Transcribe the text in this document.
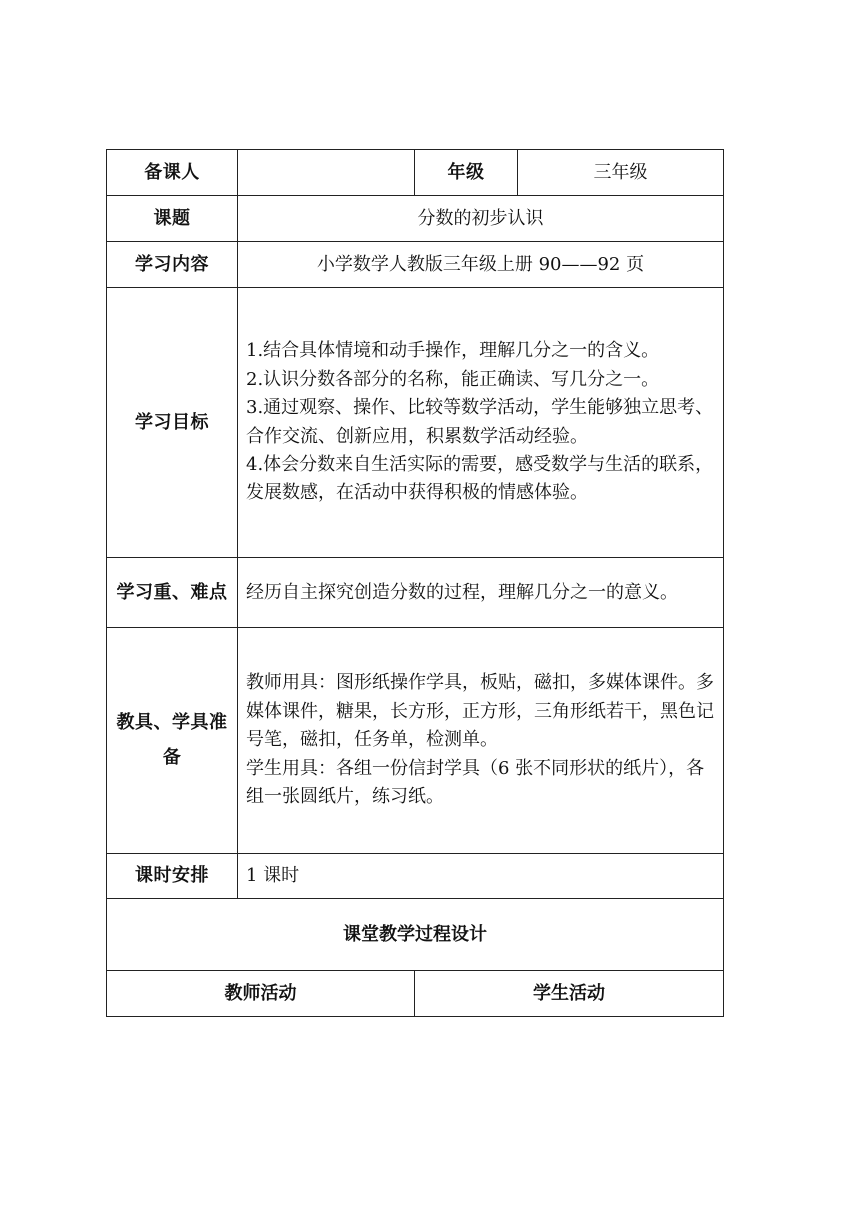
备课人		年级	三年级
课题	分数的初步认识		
学习内容	小学数学人教版三年级上册 90——92 页		
学习目标	1.结合具体情境和动手操作，理解几分之一的含义。
2.认识分数各部分的名称，能正确读、写几分之一。
3.通过观察、操作、比较等数学活动，学生能够独立思考、合作交流、创新应用，积累数学活动经验。
4.体会分数来自生活实际的需要，感受数学与生活的联系，发展数感，在活动中获得积极的情感体验。		

学习重、难点	经历自主探究创造分数的过程，理解几分之一的意义。		
教具、学具准备	教师用具：图形纸操作学具，板贴，磁扣，多媒体课件。多媒体课件，糖果，长方形，正方形，三角形纸若干，黑色记号笔，磁扣，任务单，检测单。
学生用具：各组一份信封学具（6 张不同形状的纸片），各组一张圆纸片，练习纸。		

课时安排	1 课时		
课堂教学过程设计			
教师活动		学生活动	
